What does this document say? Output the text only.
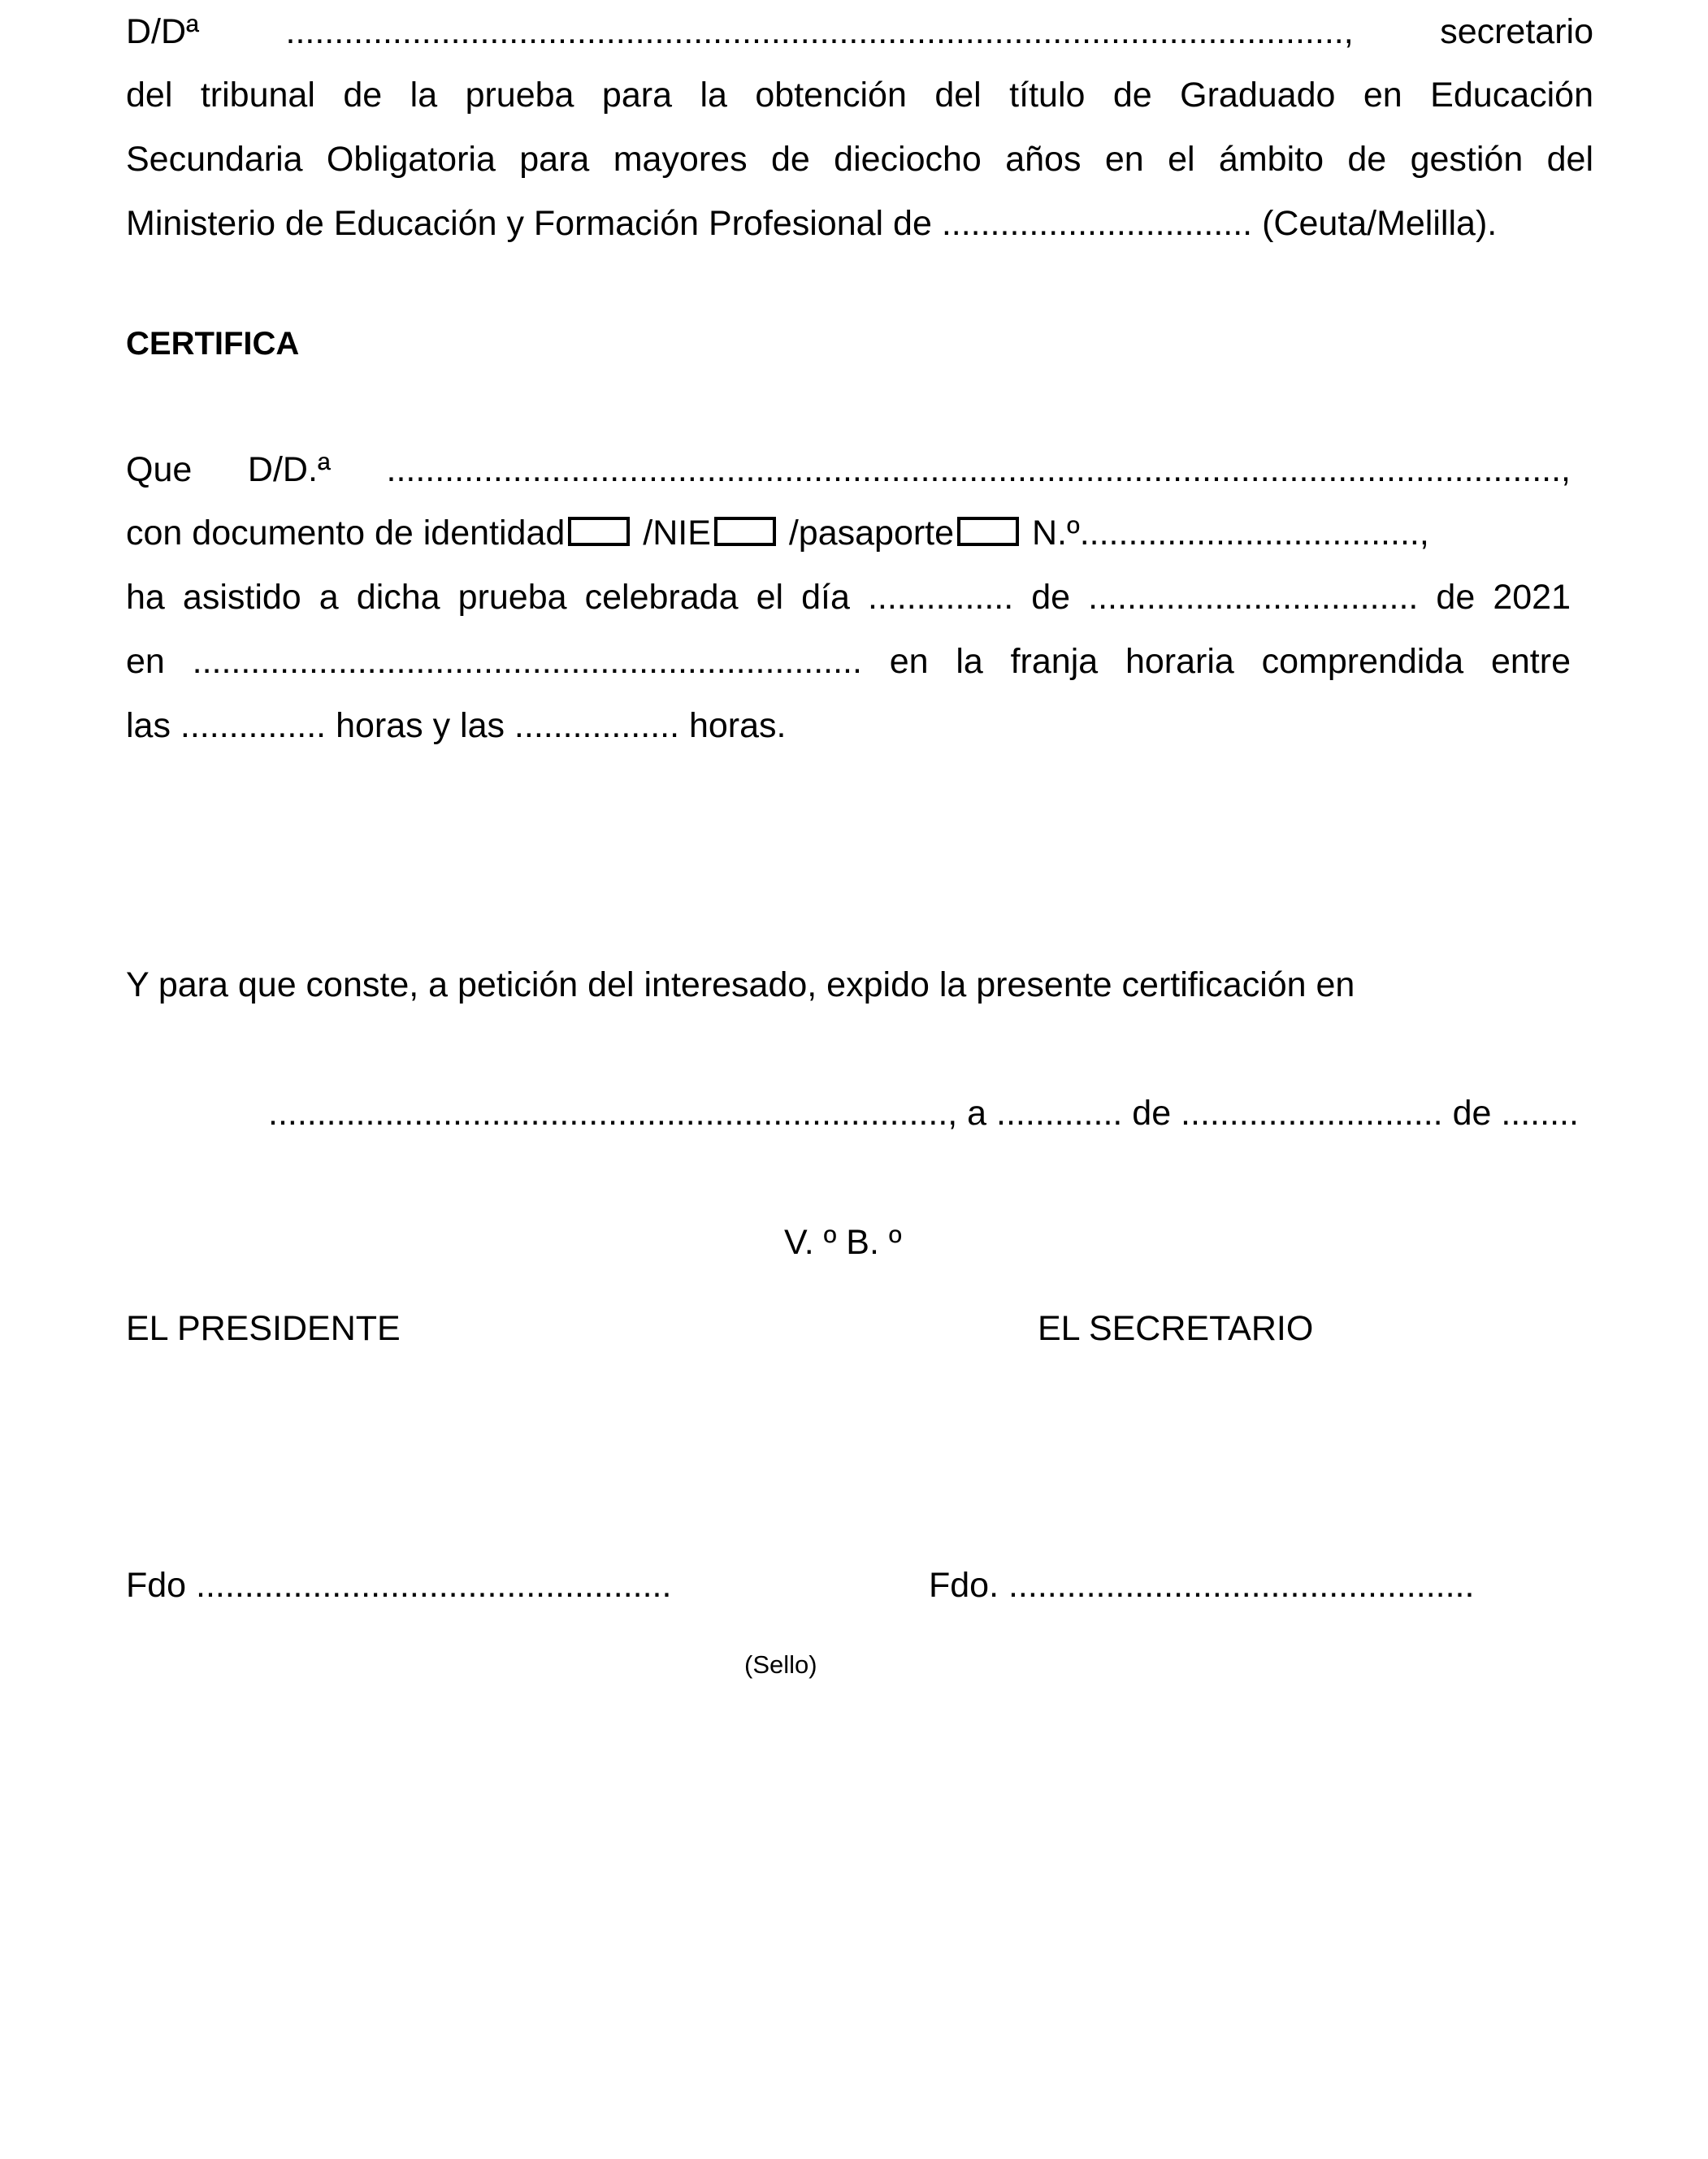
D/Dª ............................................................................................................., secretario
del tribunal de la prueba para la obtención del título de Graduado en Educación
Secundaria Obligatoria para mayores de dieciocho años en el ámbito de gestión del
Ministerio de Educación y Formación Profesional de ................................ (Ceuta/Melilla).
CERTIFICA
Que D/D.ª .........................................................................................................................,
con documento de identidad /NIE /pasaporte N.º...................................,
ha asistido a dicha prueba celebrada el día ............... de .................................. de 2021
en ..................................................................... en la franja horaria comprendida entre
las ............... horas y las ................. horas.
Y para que conste, a petición del interesado, expido la presente certificación en
......................................................................, a ............. de ........................... de ........
V. º B. º
EL PRESIDENTE	EL SECRETARIO
Fdo .................................................	Fdo. ................................................
(Sello)
